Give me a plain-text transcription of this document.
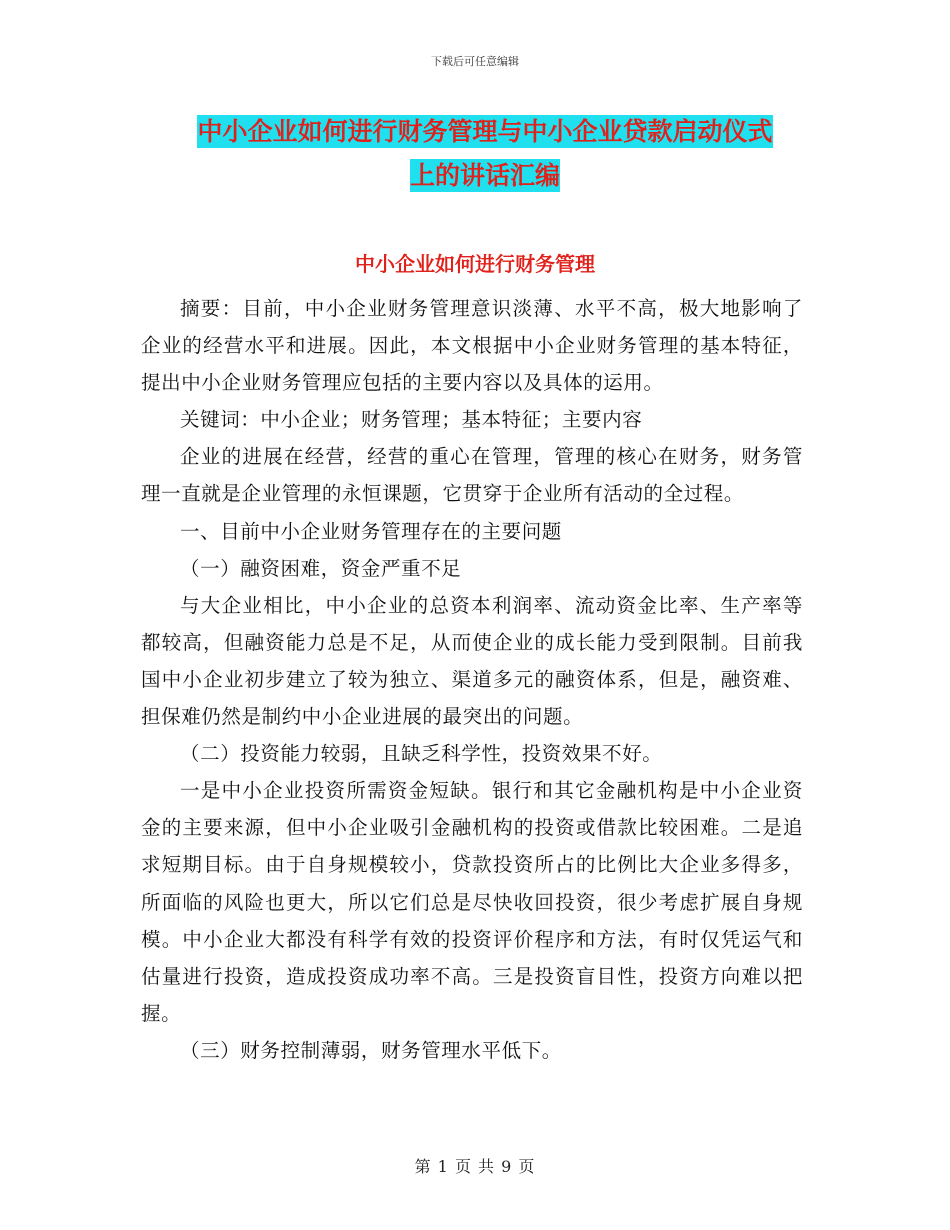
下载后可任意编辑
中小企业如何进行财务管理与中小企业贷款启动仪式
上的讲话汇编
中小企业如何进行财务管理

摘要：目前，中小企业财务管理意识淡薄、水平不高，极大地影响了企业的经营水平和进展。因此，本文根据中小企业财务管理的基本特征，提出中小企业财务管理应包括的主要内容以及具体的运用。

关键词：中小企业；财务管理；基本特征；主要内容

企业的进展在经营，经营的重心在管理，管理的核心在财务，财务管理一直就是企业管理的永恒课题，它贯穿于企业所有活动的全过程。

一、目前中小企业财务管理存在的主要问题

（一）融资困难，资金严重不足

与大企业相比，中小企业的总资本利润率、流动资金比率、生产率等都较高，但融资能力总是不足，从而使企业的成长能力受到限制。目前我国中小企业初步建立了较为独立、渠道多元的融资体系，但是，融资难、担保难仍然是制约中小企业进展的最突出的问题。

（二）投资能力较弱，且缺乏科学性，投资效果不好。

一是中小企业投资所需资金短缺。银行和其它金融机构是中小企业资金的主要来源，但中小企业吸引金融机构的投资或借款比较困难。二是追求短期目标。由于自身规模较小，贷款投资所占的比例比大企业多得多，所面临的风险也更大，所以它们总是尽快收回投资，很少考虑扩展自身规模。中小企业大都没有科学有效的投资评价程序和方法，有时仅凭运气和估量进行投资，造成投资成功率不高。三是投资盲目性，投资方向难以把握。

（三）财务控制薄弱，财务管理水平低下。

第 1 页 共 9 页
